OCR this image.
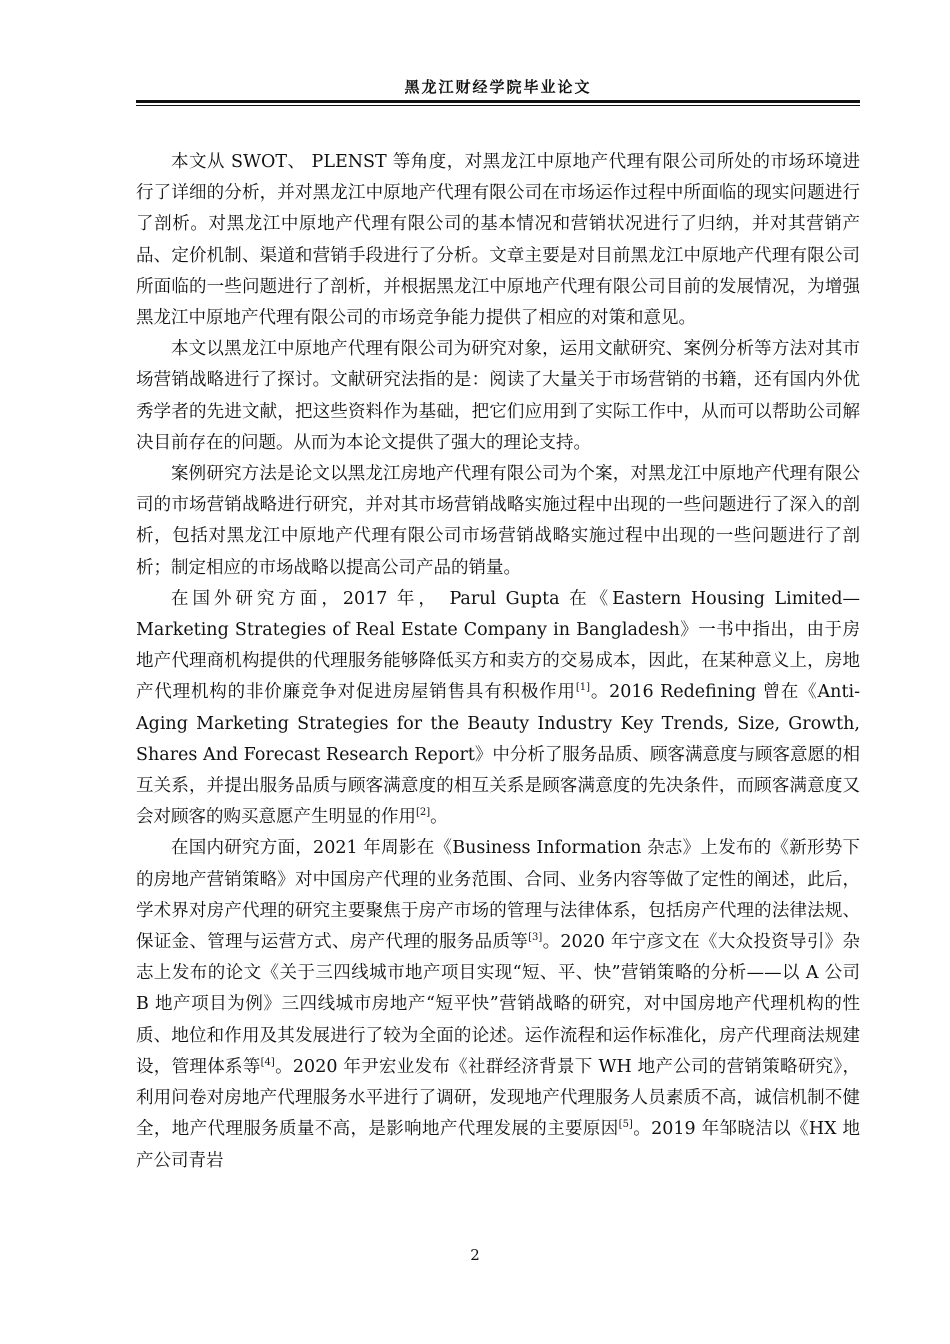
黑龙江财经学院毕业论文

本文从 SWOT、 PLENST 等角度，对黑龙江中原地产代理有限公司所处的市场环境进行了详细的分析，并对黑龙江中原地产代理有限公司在市场运作过程中所面临的现实问题进行了剖析。对黑龙江中原地产代理有限公司的基本情况和营销状况进行了归纳，并对其营销产品、定价机制、渠道和营销手段进行了分析。文章主要是对目前黑龙江中原地产代理有限公司所面临的一些问题进行了剖析，并根据黑龙江中原地产代理有限公司目前的发展情况，为增强黑龙江中原地产代理有限公司的市场竞争能力提供了相应的对策和意见。

本文以黑龙江中原地产代理有限公司为研究对象，运用文献研究、案例分析等方法对其市场营销战略进行了探讨。文献研究法指的是：阅读了大量关于市场营销的书籍，还有国内外优秀学者的先进文献，把这些资料作为基础，把它们应用到了实际工作中，从而可以帮助公司解决目前存在的问题。从而为本论文提供了强大的理论支持。

案例研究方法是论文以黑龙江房地产代理有限公司为个案，对黑龙江中原地产代理有限公司的市场营销战略进行研究，并对其市场营销战略实施过程中出现的一些问题进行了深入的剖析，包括对黑龙江中原地产代理有限公司市场营销战略实施过程中出现的一些问题进行了剖析；制定相应的市场战略以提高公司产品的销量。

在国外研究方面，2017 年， Parul Gupta 在《Eastern Housing Limited—Marketing Strategies of Real Estate Company in Bangladesh》一书中指出，由于房地产代理商机构提供的代理服务能够降低买方和卖方的交易成本，因此，在某种意义上，房地产代理机构的非价廉竞争对促进房屋销售具有积极作用[1]。2016 Redefining 曾在《Anti-Aging Marketing Strategies for the Beauty Industry Key Trends, Size, Growth, Shares And Forecast Research Report》中分析了服务品质、顾客满意度与顾客意愿的相互关系，并提出服务品质与顾客满意度的相互关系是顾客满意度的先决条件，而顾客满意度又会对顾客的购买意愿产生明显的作用[2]。

在国内研究方面，2021 年周影在《Business Information 杂志》上发布的《新形势下的房地产营销策略》对中国房产代理的业务范围、合同、业务内容等做了定性的阐述，此后，学术界对房产代理的研究主要聚焦于房产市场的管理与法律体系，包括房产代理的法律法规、保证金、管理与运营方式、房产代理的服务品质等[3]。2020 年宁彦文在《大众投资导引》杂志上发布的论文《关于三四线城市地产项目实现“短、平、快”营销策略的分析——以 A 公司 B 地产项目为例》三四线城市房地产“短平快”营销战略的研究，对中国房地产代理机构的性质、地位和作用及其发展进行了较为全面的论述。运作流程和运作标准化，房产代理商法规建设，管理体系等[4]。2020 年尹宏业发布《社群经济背景下 WH 地产公司的营销策略研究》，利用问卷对房地产代理服务水平进行了调研，发现地产代理服务人员素质不高，诚信机制不健全，地产代理服务质量不高，是影响地产代理发展的主要原因[5]。2019 年邹晓洁以《HX 地产公司青岩

2
